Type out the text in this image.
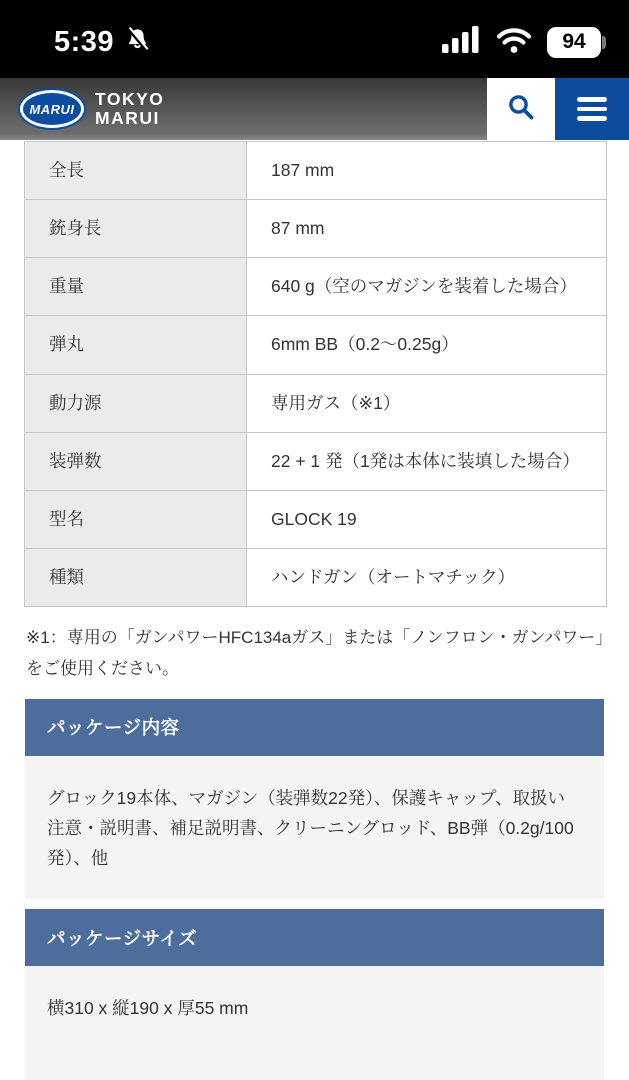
5:39	94
MARUI
TOKYO
MARUI
全長	187 mm
銃身長	87 mm
重量	640 g（空のマガジンを装着した場合）
弾丸	6mm BB（0.2～0.25g）
動力源	専用ガス（※1）
装弾数	22 + 1 発（1発は本体に装填した場合）
型名	GLOCK 19
種類	ハンドガン（オートマチック）

※1：専用の「ガンパワーHFC134aガス」または「ノンフロン・ガンパワー」をご使用ください。

パッケージ内容
グロック19本体、マガジン（装弾数22発）、保護キャップ、取扱い注意・説明書、補足説明書、クリーニングロッド、BB弾（0.2g/100発）、他
パッケージサイズ
横310 x 縦190 x 厚55 mm
